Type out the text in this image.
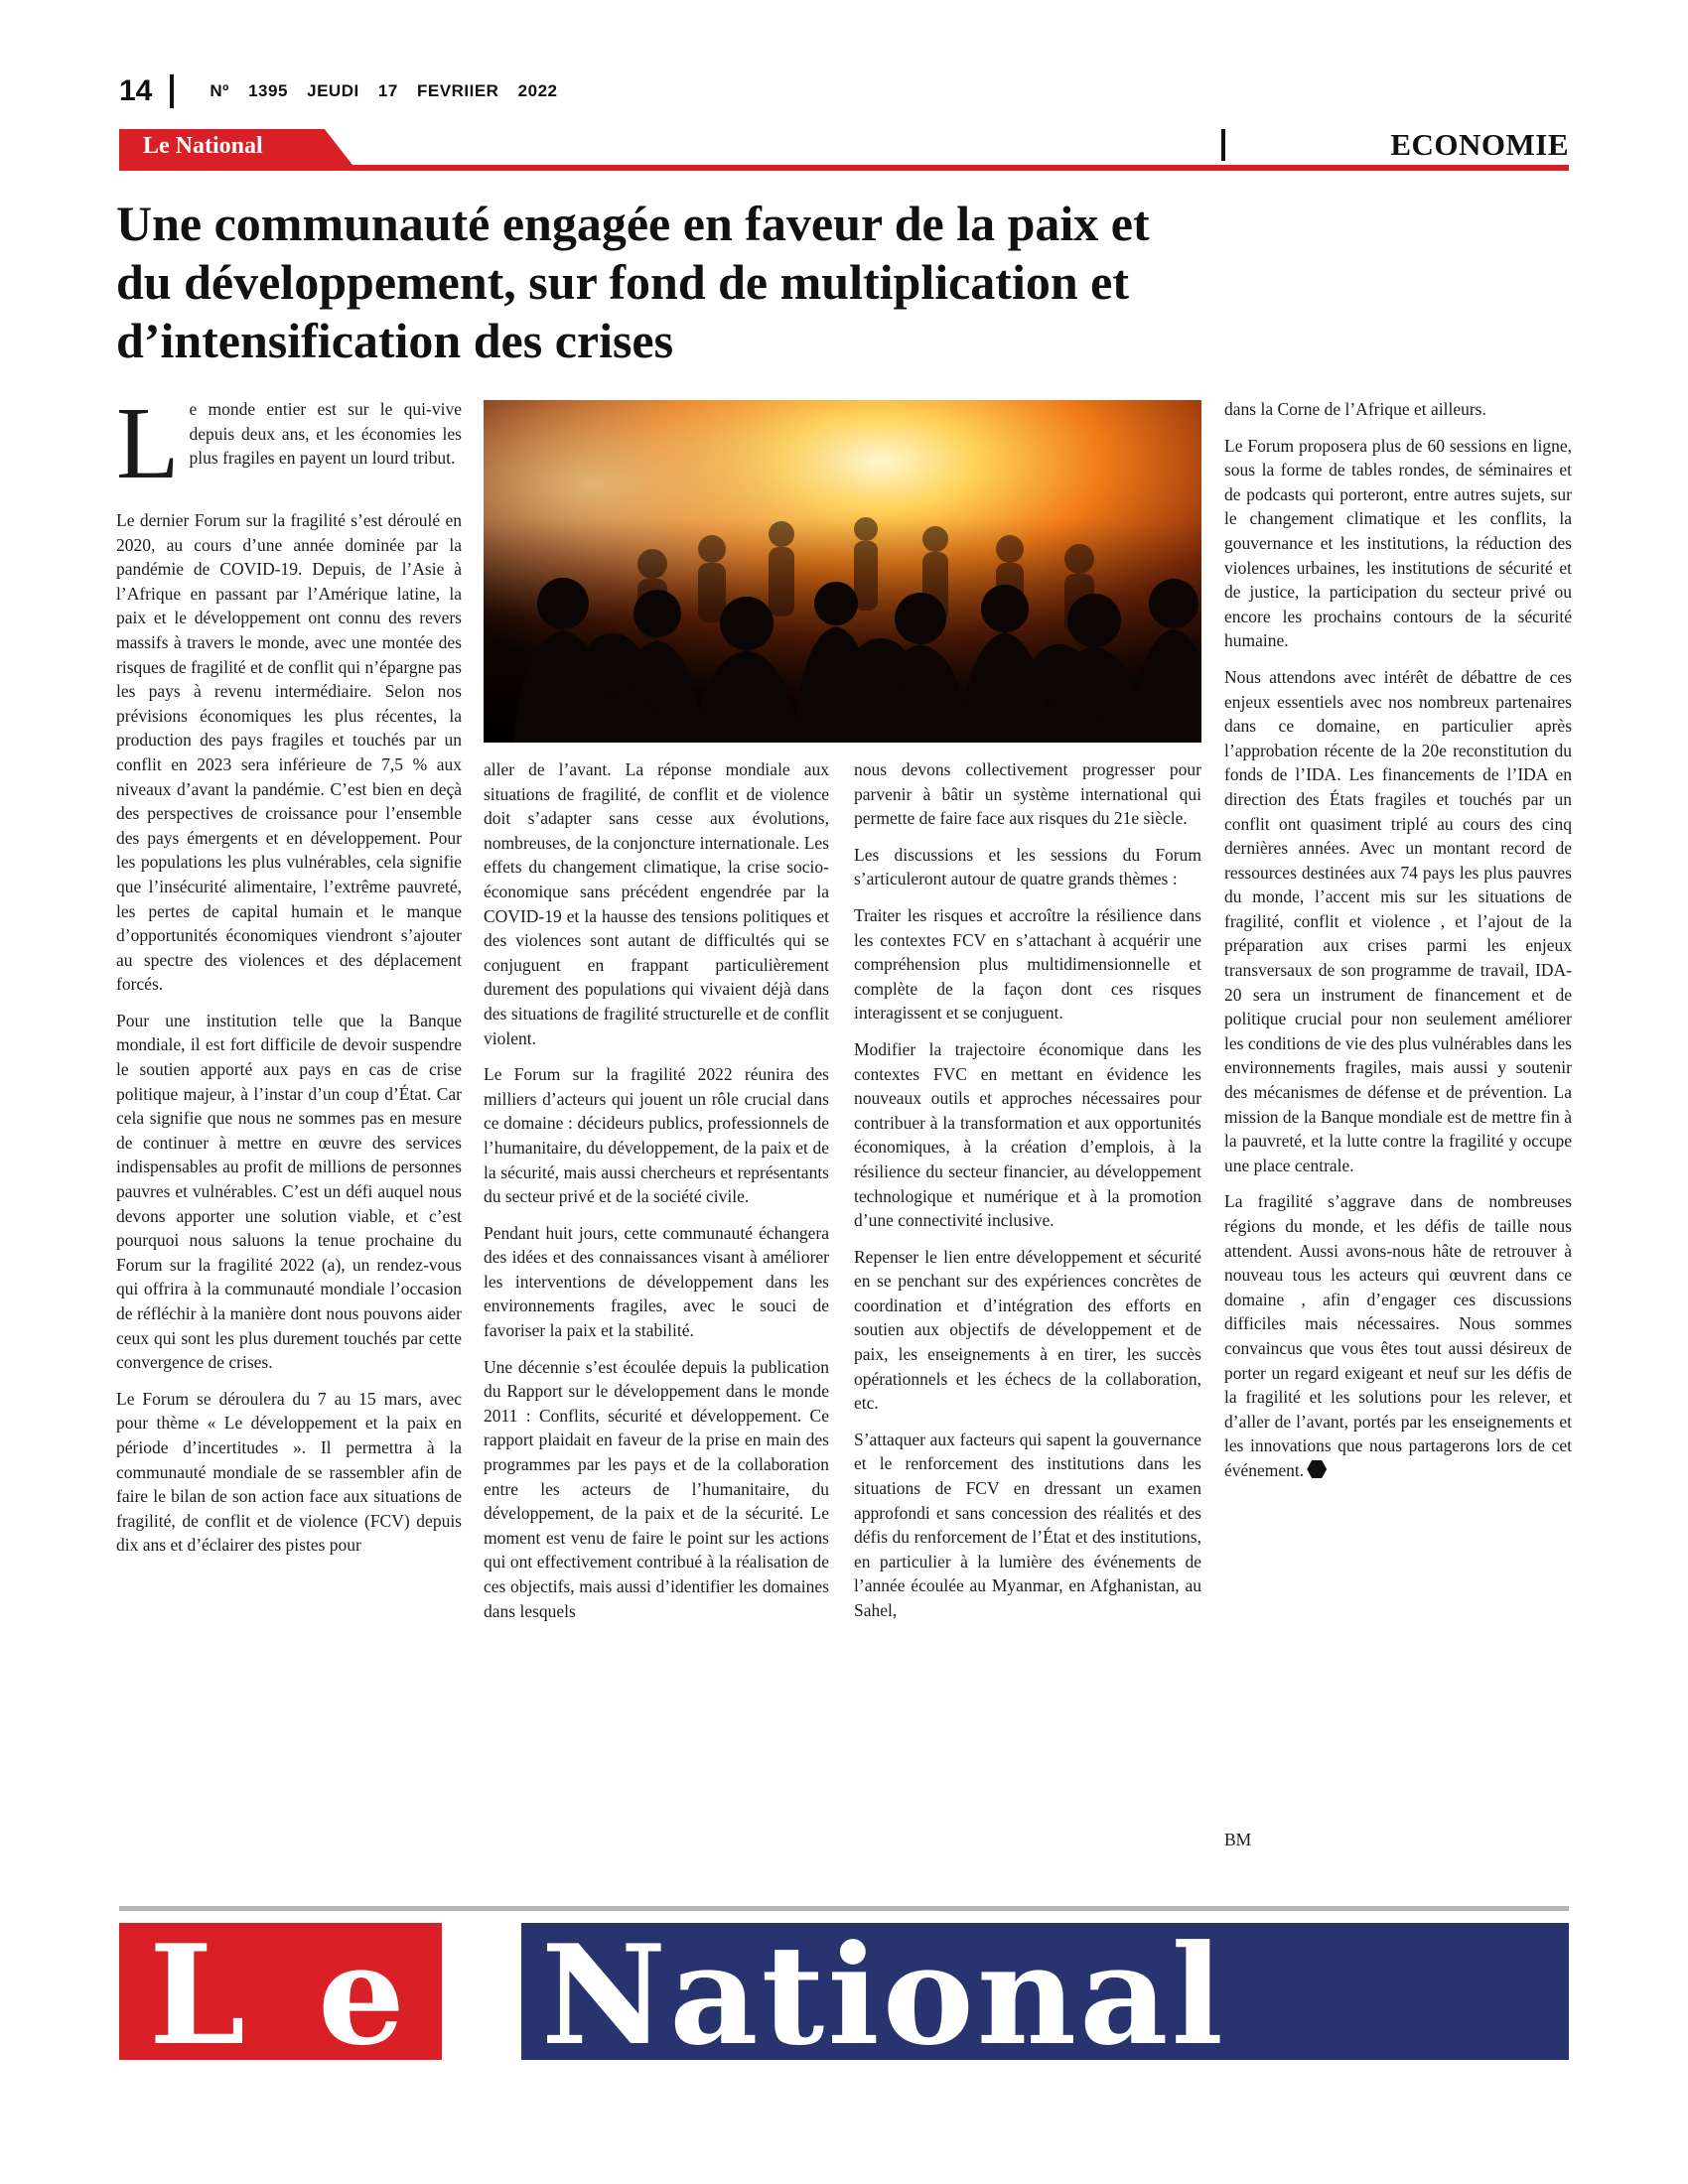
14	Nº 1395 JEUDI 17 FEVRIIER 2022
Le National	ECONOMIE
Une communauté engagée en faveur de la paix et
du développement, sur fond de multiplication et
d’intensification des crises

Le monde entier est sur le qui-vive depuis deux ans, et les économies les plus fragiles en payent un lourd tribut.

Le dernier Forum sur la fragilité s’est déroulé en 2020, au cours d’une année dominée par la pandémie de COVID-19. Depuis, de l’Asie à l’Afrique en passant par l’Amérique latine, la paix et le développement ont connu des revers massifs à travers le monde, avec une montée des risques de fragilité et de conflit qui n’épargne pas les pays à revenu intermédiaire. Selon nos prévisions économiques les plus récentes, la production des pays fragiles et touchés par un conflit en 2023 sera inférieure de 7,5 % aux niveaux d’avant la pandémie. C’est bien en deçà des perspectives de croissance pour l’ensemble des pays émergents et en développement. Pour les populations les plus vulnérables, cela signifie que l’insécurité alimentaire, l’extrême pauvreté, les pertes de capital humain et le manque d’opportunités économiques viendront s’ajouter au spectre des violences et des déplacement forcés.

Pour une institution telle que la Banque mondiale, il est fort difficile de devoir suspendre le soutien apporté aux pays en cas de crise politique majeur, à l’instar d’un coup d’État. Car cela signifie que nous ne sommes pas en mesure de continuer à mettre en œuvre des services indispensables au profit de millions de personnes pauvres et vulnérables. C’est un défi auquel nous devons apporter une solution viable, et c’est pourquoi nous saluons la tenue prochaine du Forum sur la fragilité 2022 (a), un rendez-vous qui offrira à la communauté mondiale l’occasion de réfléchir à la manière dont nous pouvons aider ceux qui sont les plus durement touchés par cette convergence de crises.

Le Forum se déroulera du 7 au 15 mars, avec pour thème « Le développement et la paix en période d’incertitudes ». Il permettra à la communauté mondiale de se rassembler afin de faire le bilan de son action face aux situations de fragilité, de conflit et de violence (FCV) depuis dix ans et d’éclairer des pistes pour

aller de l’avant. La réponse mondiale aux situations de fragilité, de conflit et de violence doit s’adapter sans cesse aux évolutions, nombreuses, de la conjoncture internationale. Les effets du changement climatique, la crise socio-économique sans précédent engendrée par la COVID-19 et la hausse des tensions politiques et des violences sont autant de difficultés qui se conjuguent en frappant particulièrement durement des populations qui vivaient déjà dans des situations de fragilité structurelle et de conflit violent.

Le Forum sur la fragilité 2022 réunira des milliers d’acteurs qui jouent un rôle crucial dans ce domaine : décideurs publics, professionnels de l’humanitaire, du développement, de la paix et de la sécurité, mais aussi chercheurs et représentants du secteur privé et de la société civile.

Pendant huit jours, cette communauté échangera des idées et des connaissances visant à améliorer les interventions de développement dans les environnements fragiles, avec le souci de favoriser la paix et la stabilité.

Une décennie s’est écoulée depuis la publication du Rapport sur le développement dans le monde 2011 : Conflits, sécurité et développement. Ce rapport plaidait en faveur de la prise en main des programmes par les pays et de la collaboration entre les acteurs de l’humanitaire, du développement, de la paix et de la sécurité. Le moment est venu de faire le point sur les actions qui ont effectivement contribué à la réalisation de ces objectifs, mais aussi d’identifier les domaines dans lesquels

nous devons collectivement progresser pour parvenir à bâtir un système international qui permette de faire face aux risques du 21e siècle.

Les discussions et les sessions du Forum s’articuleront autour de quatre grands thèmes :

Traiter les risques et accroître la résilience dans les contextes FCV en s’attachant à acquérir une compréhension plus multidimensionnelle et complète de la façon dont ces risques interagissent et se conjuguent.

Modifier la trajectoire économique dans les contextes FVC en mettant en évidence les nouveaux outils et approches nécessaires pour contribuer à la transformation et aux opportunités économiques, à la création d’emplois, à la résilience du secteur financier, au développement technologique et numérique et à la promotion d’une connectivité inclusive.

Repenser le lien entre développement et sécurité en se penchant sur des expériences concrètes de coordination et d’intégration des efforts en soutien aux objectifs de développement et de paix, les enseignements à en tirer, les succès opérationnels et les échecs de la collaboration, etc.

S’attaquer aux facteurs qui sapent la gouvernance et le renforcement des institutions dans les situations de FCV en dressant un examen approfondi et sans concession des réalités et des défis du renforcement de l’État et des institutions, en particulier à la lumière des événements de l’année écoulée au Myanmar, en Afghanistan, au Sahel,

dans la Corne de l’Afrique et ailleurs.

Le Forum proposera plus de 60 sessions en ligne, sous la forme de tables rondes, de séminaires et de podcasts qui porteront, entre autres sujets, sur le changement climatique et les conflits, la gouvernance et les institutions, la réduction des violences urbaines, les institutions de sécurité et de justice, la participation du secteur privé ou encore les prochains contours de la sécurité humaine.

Nous attendons avec intérêt de débattre de ces enjeux essentiels avec nos nombreux partenaires dans ce domaine, en particulier après l’approbation récente de la 20e reconstitution du fonds de l’IDA. Les financements de l’IDA en direction des États fragiles et touchés par un conflit ont quasiment triplé au cours des cinq dernières années. Avec un montant record de ressources destinées aux 74 pays les plus pauvres du monde, l’accent mis sur les situations de fragilité, conflit et violence , et l’ajout de la préparation aux crises parmi les enjeux transversaux de son programme de travail, IDA-20 sera un instrument de financement et de politique crucial pour non seulement améliorer les conditions de vie des plus vulnérables dans les environnements fragiles, mais aussi y soutenir des mécanismes de défense et de prévention. La mission de la Banque mondiale est de mettre fin à la pauvreté, et la lutte contre la fragilité y occupe une place centrale.

La fragilité s’aggrave dans de nombreuses régions du monde, et les défis de taille nous attendent. Aussi avons-nous hâte de retrouver à nouveau tous les acteurs qui œuvrent dans ce domaine , afin d’engager ces discussions difficiles mais nécessaires. Nous sommes convaincus que vous êtes tout aussi désireux de porter un regard exigeant et neuf sur les défis de la fragilité et les solutions pour les relever, et d’aller de l’avant, portés par les enseignements et les innovations que nous partagerons lors de cet événement.

BM
L e National
